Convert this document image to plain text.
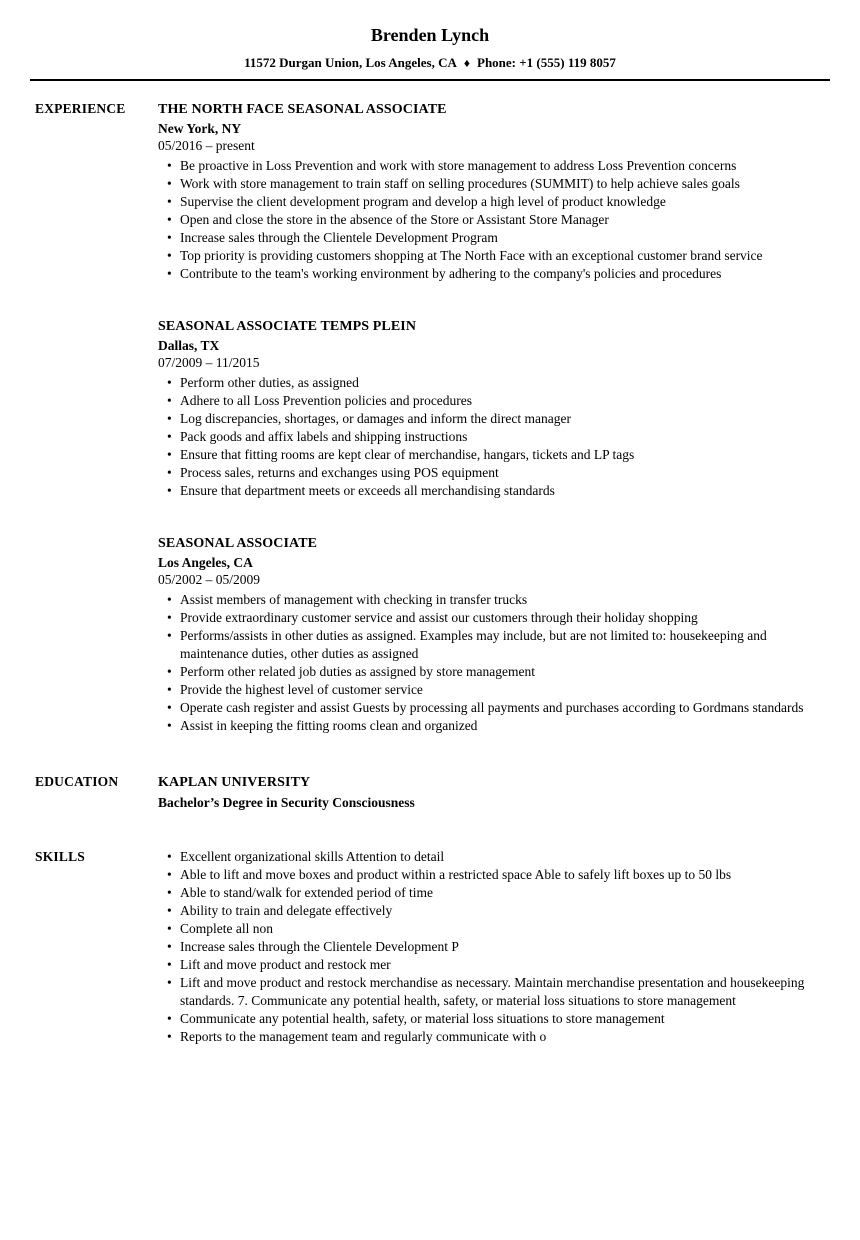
Brenden Lynch
11572 Durgan Union, Los Angeles, CA ♦ Phone: +1 (555) 119 8057
EXPERIENCE THE NORTH FACE SEASONAL ASSOCIATE
New York, NY
05/2016 – present
• Be proactive in Loss Prevention and work with store management to address Loss Prevention concerns
• Work with store management to train staff on selling procedures (SUMMIT) to help achieve sales goals
• Supervise the client development program and develop a high level of product knowledge
• Open and close the store in the absence of the Store or Assistant Store Manager
• Increase sales through the Clientele Development Program
• Top priority is providing customers shopping at The North Face with an exceptional customer brand service
• Contribute to the team's working environment by adhering to the company's policies and procedures
SEASONAL ASSOCIATE TEMPS PLEIN
Dallas, TX
07/2009 – 11/2015
• Perform other duties, as assigned
• Adhere to all Loss Prevention policies and procedures
• Log discrepancies, shortages, or damages and inform the direct manager
• Pack goods and affix labels and shipping instructions
• Ensure that fitting rooms are kept clear of merchandise, hangars, tickets and LP tags
• Process sales, returns and exchanges using POS equipment
• Ensure that department meets or exceeds all merchandising standards
SEASONAL ASSOCIATE
Los Angeles, CA
05/2002 – 05/2009
• Assist members of management with checking in transfer trucks
• Provide extraordinary customer service and assist our customers through their holiday shopping
• Performs/assists in other duties as assigned. Examples may include, but are not limited to: housekeeping and maintenance duties, other duties as assigned
• Perform other related job duties as assigned by store management
• Provide the highest level of customer service
• Operate cash register and assist Guests by processing all payments and purchases according to Gordmans standards
• Assist in keeping the fitting rooms clean and organized
EDUCATION	KAPLAN UNIVERSITY
Bachelor’s Degree in Security Consciousness
SKILLS	• Excellent organizational skills Attention to detail
• Able to lift and move boxes and product within a restricted space Able to safely lift boxes up to 50 lbs
• Able to stand/walk for extended period of time
• Ability to train and delegate effectively
• Complete all non
• Increase sales through the Clientele Development P
• Lift and move product and restock mer
• Lift and move product and restock merchandise as necessary. Maintain merchandise presentation and housekeeping standards. 7. Communicate any potential health, safety, or material loss situations to store management
• Communicate any potential health, safety, or material loss situations to store management
• Reports to the management team and regularly communicate with o
